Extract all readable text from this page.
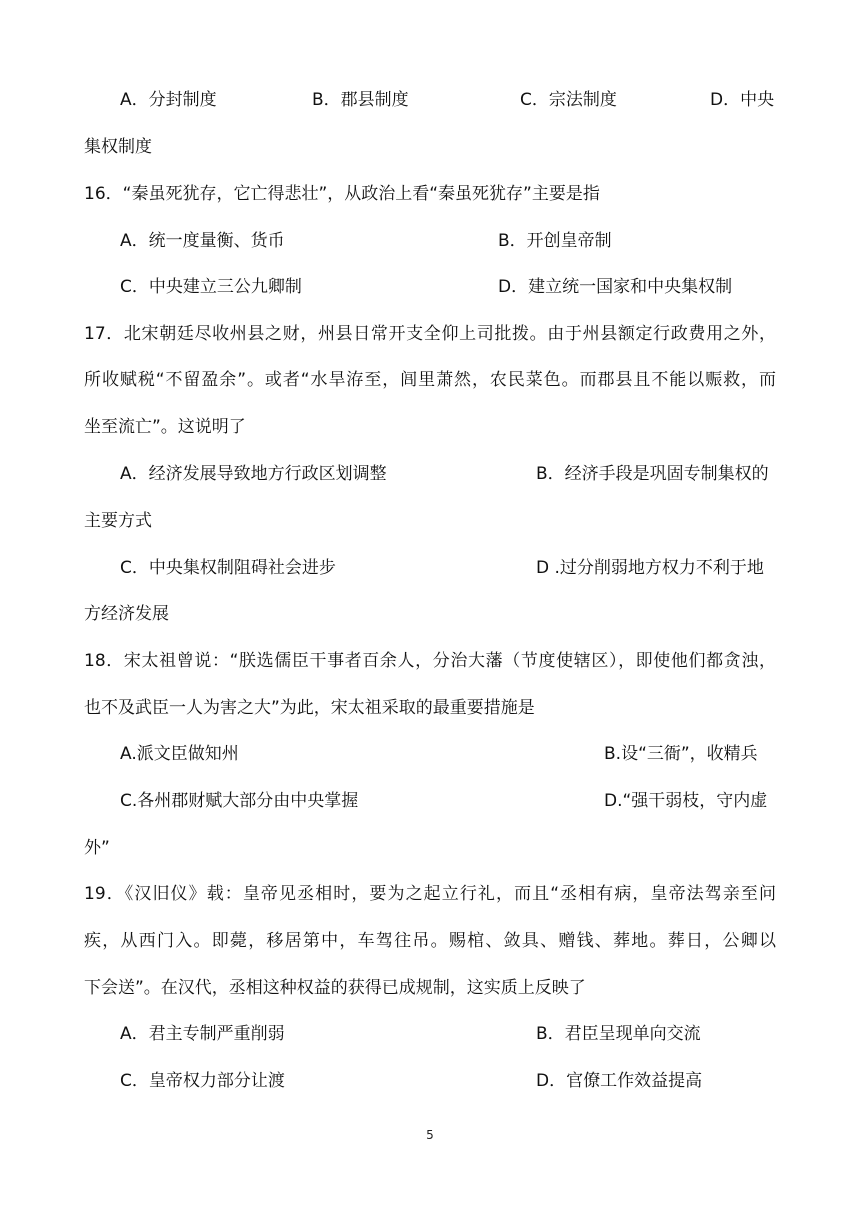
A．分封制度	B．郡县制度	C．宗法制度	D．中央
集权制度
16．“秦虽死犹存，它亡得悲壮”，从政治上看“秦虽死犹存”主要是指
A．统一度量衡、货币	B．开创皇帝制
C．中央建立三公九卿制	D．建立统一国家和中央集权制
17．北宋朝廷尽收州县之财，州县日常开支全仰上司批拨。由于州县额定行政费用之外，
所收赋税“不留盈余”。或者“水旱洊至，闾里萧然，农民菜色。而郡县且不能以赈救，而
坐至流亡”。这说明了
A．经济发展导致地方行政区划调整	B．经济手段是巩固专制集权的
主要方式
C．中央集权制阻碍社会进步	D .过分削弱地方权力不利于地
方经济发展
18．宋太祖曾说：“朕选儒臣干事者百余人，分治大藩（节度使辖区），即使他们都贪浊，
也不及武臣一人为害之大”为此，宋太祖采取的最重要措施是
A.派文臣做知州	B.设“三衙”，收精兵
C.各州郡财赋大部分由中央掌握	D.“强干弱枝，守内虚
外”
19．《汉旧仪》载：皇帝见丞相时，要为之起立行礼，而且“丞相有病，皇帝法驾亲至问
疾，从西门入。即薨，移居第中，车驾往吊。赐棺、敛具、赠钱、葬地。葬日，公卿以
下会送”。在汉代，丞相这种权益的获得已成规制，这实质上反映了
A．君主专制严重削弱	B．君臣呈现单向交流
C．皇帝权力部分让渡	D．官僚工作效益提高
5
